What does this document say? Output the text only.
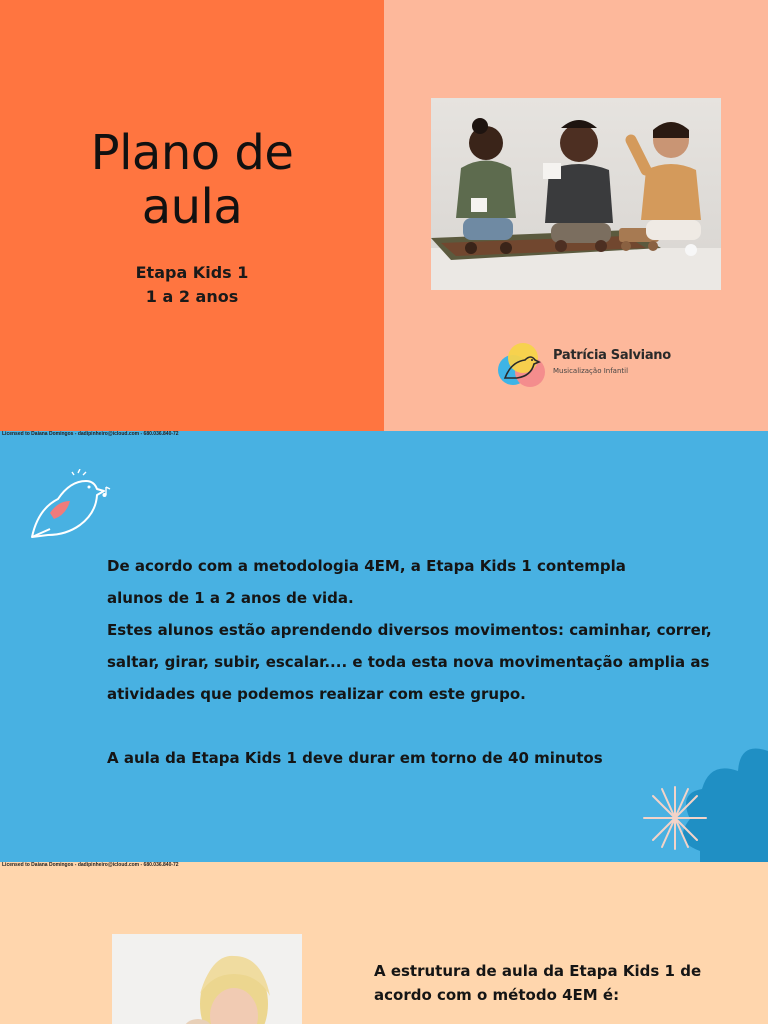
Plano de
aula
Etapa Kids 1
1 a 2 anos
Patrícia Salviano
Musicalização Infantil
Licensed to Daiana Domingos - dadipinheiro@icloud.com - 680.036.840-72

De acordo com a metodologia 4EM, a Etapa Kids 1 contempla

alunos de 1 a 2 anos de vida.

Estes alunos estão aprendendo diversos movimentos: caminhar, correr,

saltar, girar, subir, escalar.... e toda esta nova movimentação amplia as

atividades que podemos realizar com este grupo.

A aula da Etapa Kids 1 deve durar em torno de 40 minutos

Licensed to Daiana Domingos - dadipinheiro@icloud.com - 680.036.840-72
A estrutura de aula da Etapa Kids 1 de
acordo com o método 4EM é:
